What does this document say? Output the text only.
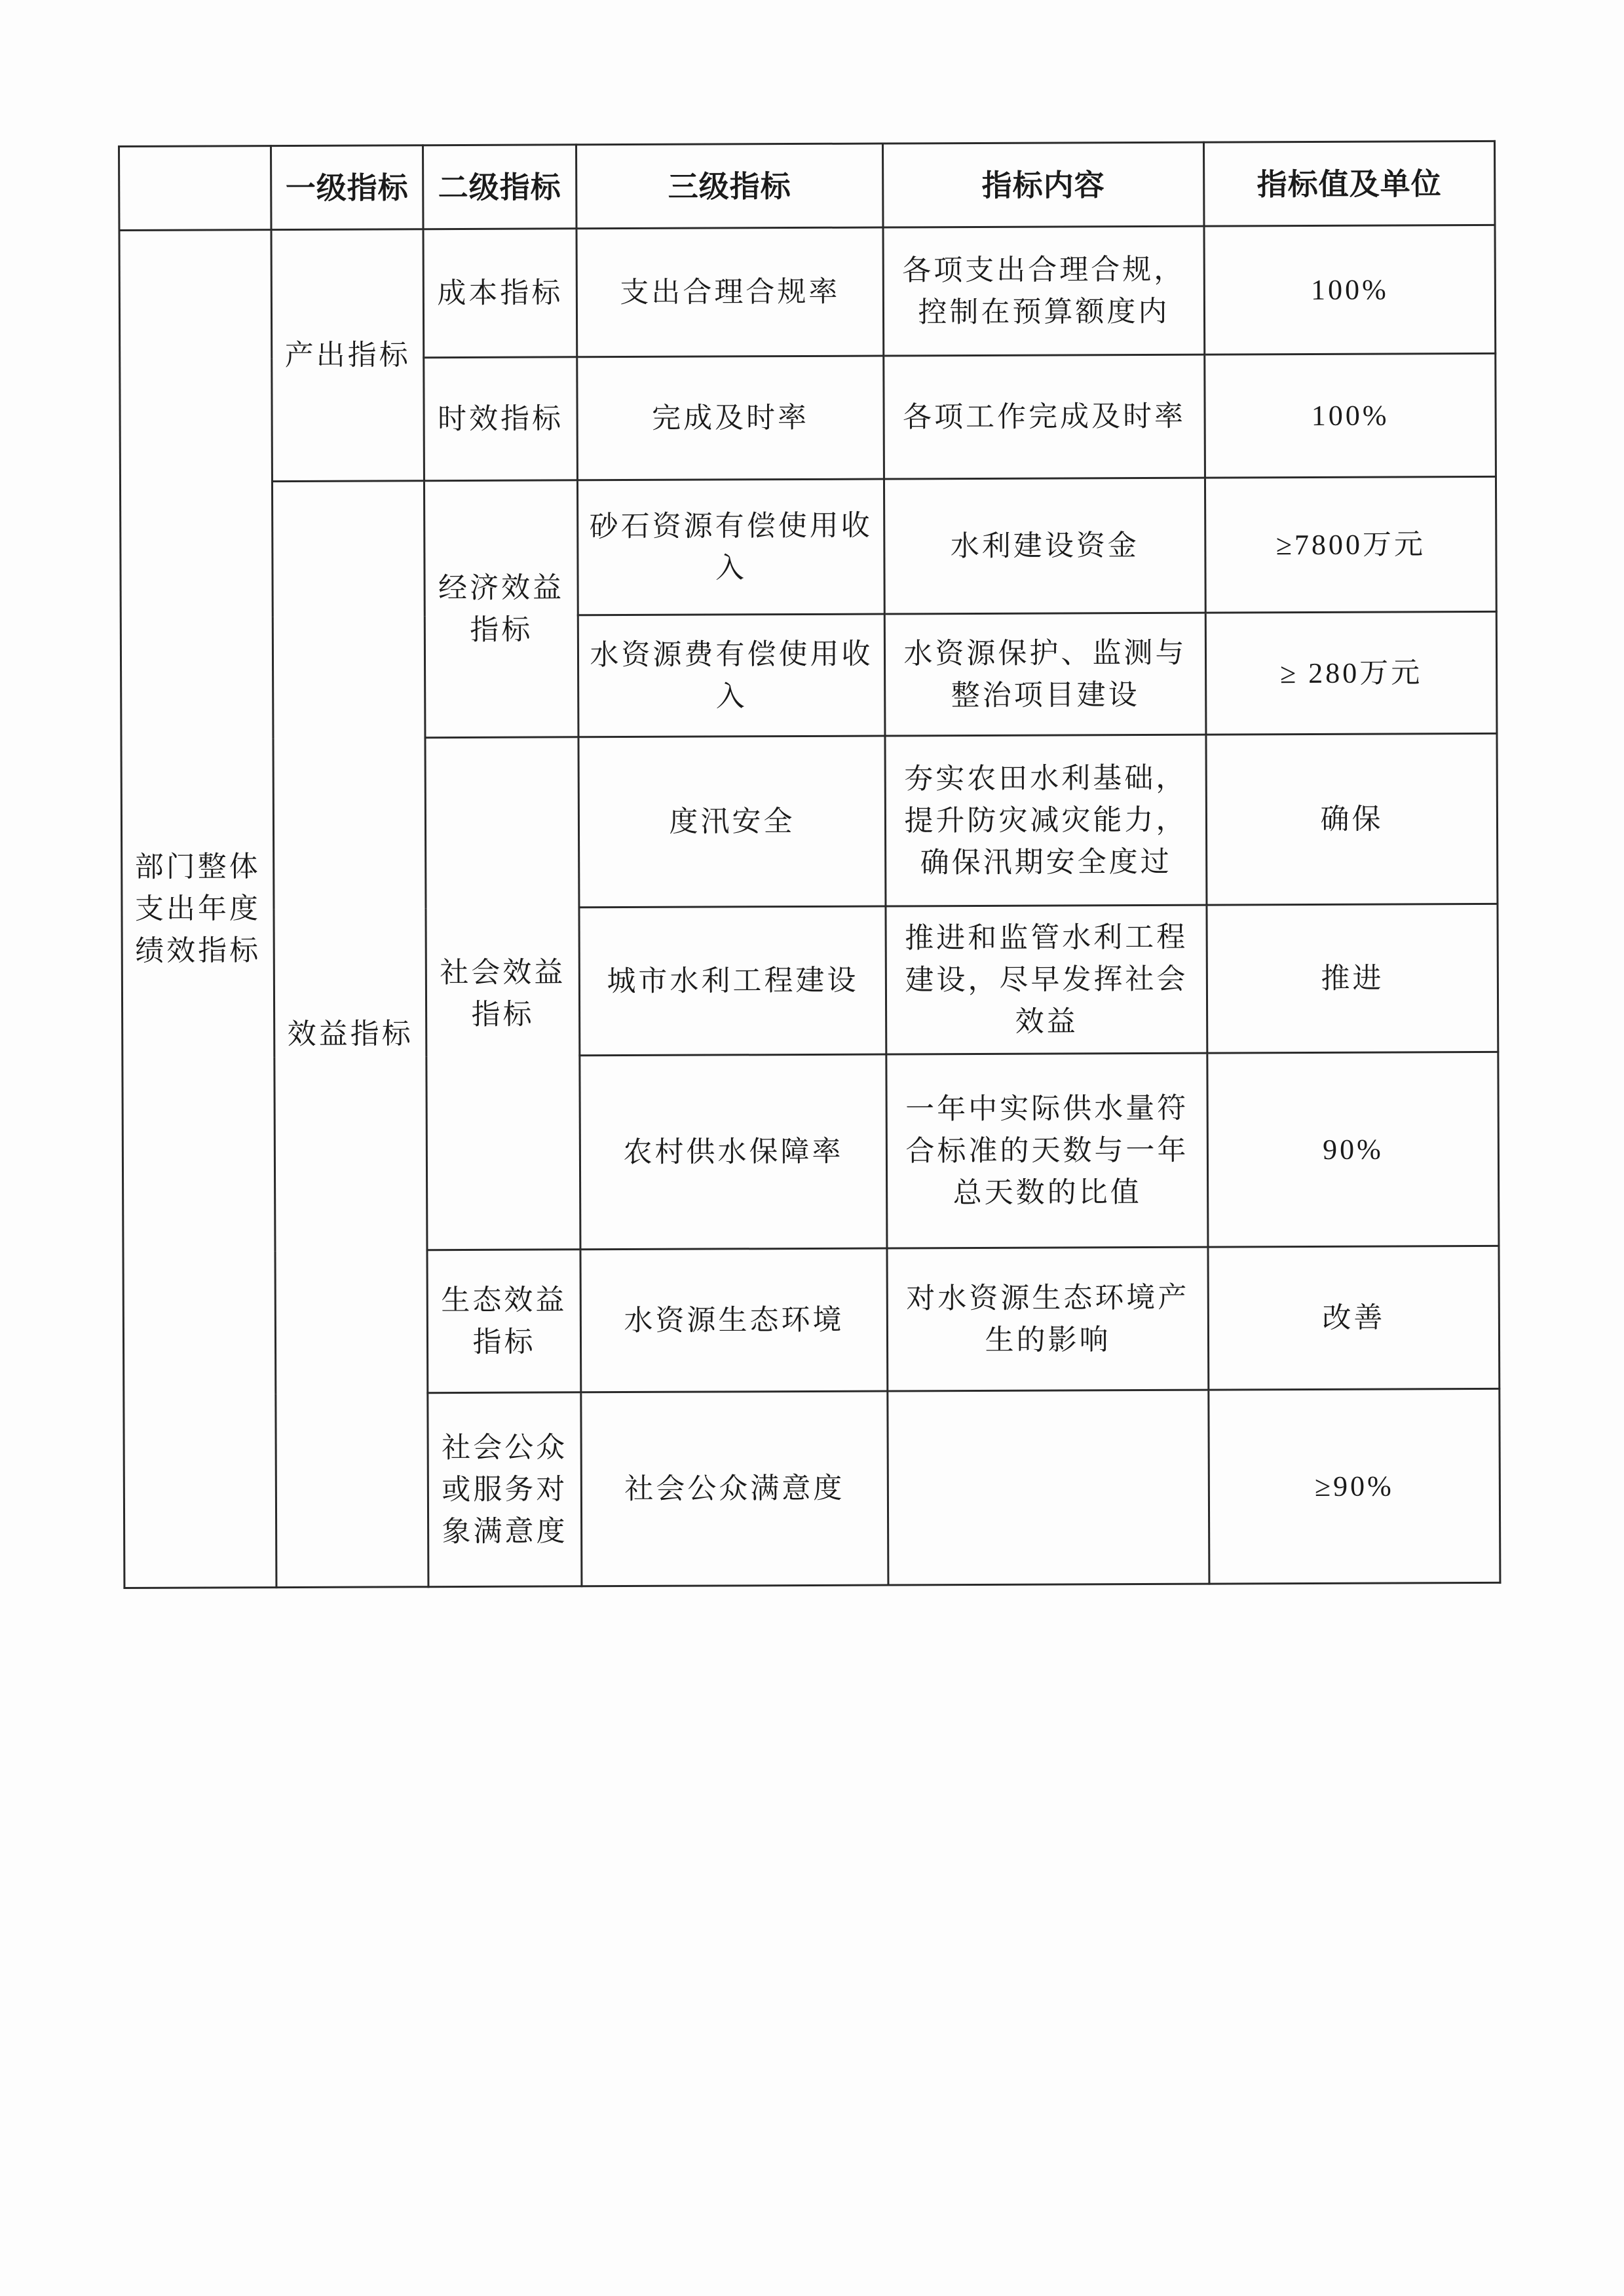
	一级指标	二级指标	三级指标	指标内容	指标值及单位
部门整体支出年度绩效指标	产出指标	成本指标	支出合理合规率	各项支出合理合规，控制在预算额度内	100%
		时效指标	完成及时率	各项工作完成及时率	100%
	效益指标	经济效益指标	砂石资源有偿使用收入	水利建设资金	≥7800万元
			水资源费有偿使用收入	水资源保护、监测与整治项目建设	≥ 280万元
		社会效益指标	度汛安全	夯实农田水利基础，提升防灾减灾能力，确保汛期安全度过	确保
			城市水利工程建设	推进和监管水利工程建设，尽早发挥社会效益	推进
			农村供水保障率	一年中实际供水量符合标准的天数与一年总天数的比值	90%
		生态效益指标	水资源生态环境	对水资源生态环境产生的影响	改善
		社会公众或服务对象满意度	社会公众满意度		≥90%
